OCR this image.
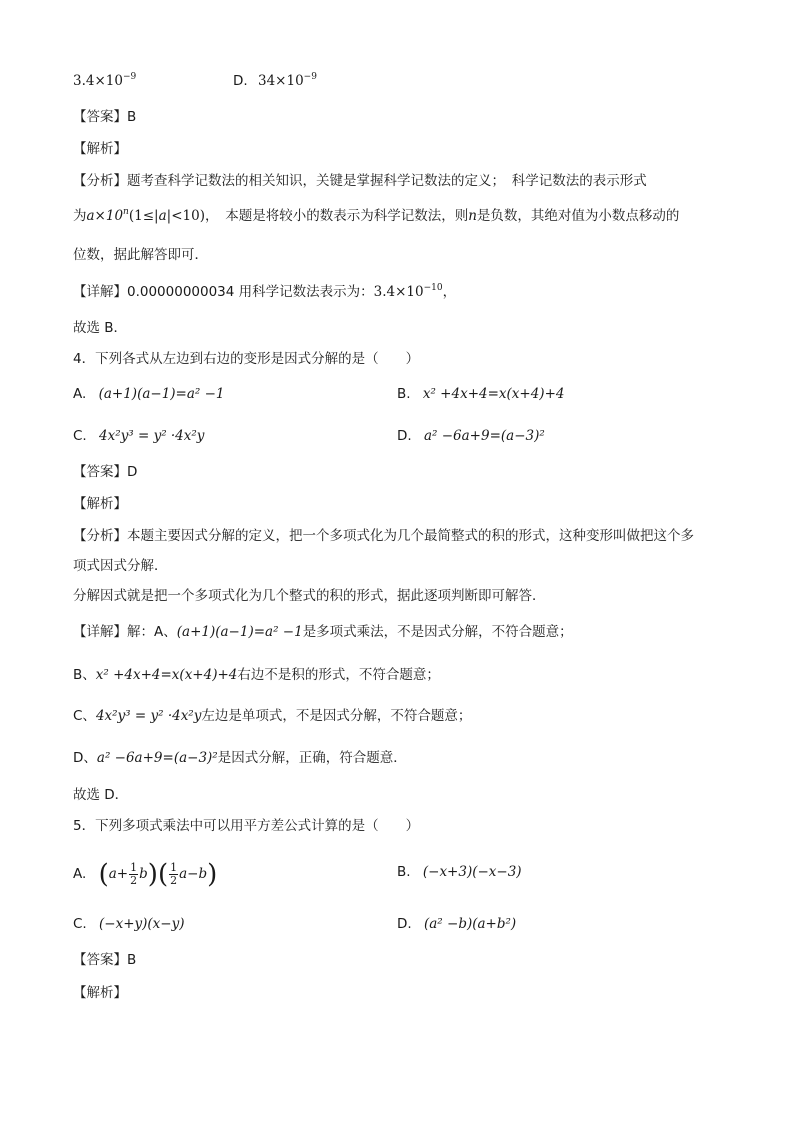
$3.4\times 10^{-9}$	D. $34\times 10^{-9}$
【答案】B
【解析】
【分析】题考查科学记数法的相关知识，关键是掌握科学记数法的定义；　科学记数法的表示形式
为$a\times 10^n(1\le|a|<10)$，　本题是将较小的数表示为科学记数法，则n是负数，其绝对值为小数点移动的
位数，据此解答即可．
【详解】0.00000000034 用科学记数法表示为：$3.4\times 10^{-10}$，
故选 B．
4．下列各式从左边到右边的变形是因式分解的是（　　）
A. (a+1)(a−1)=a² −1	B. x² +4x+4=x(x+4)+4
C. 4x²y³ = y² ·4x²y	D. a² −6a+9=(a−3)²
【答案】D
【解析】
【分析】本题主要因式分解的定义，把一个多项式化为几个最简整式的积的形式，这种变形叫做把这个多
项式因式分解．
分解因式就是把一个多项式化为几个整式的积的形式，据此逐项判断即可解答．
【详解】解：A、(a+1)(a−1)=a² −1是多项式乘法，不是因式分解，不符合题意；
B、x² +4x+4=x(x+4)+4右边不是积的形式，不符合题意；
C、4x²y³ = y² ·4x²y左边是单项式，不是因式分解，不符合题意；
D、a² −6a+9=(a−3)²是因式分解，正确，符合题意．
故选 D．
5．下列多项式乘法中可以用平方差公式计算的是（　　）
A. $(a+ \frac{1}{2} b)( \frac{1}{2} a-b)$	B. (−x+3)(−x−3)
C. (−x+y)(x−y)	D. (a² −b)(a+b²)
【答案】B
【解析】
